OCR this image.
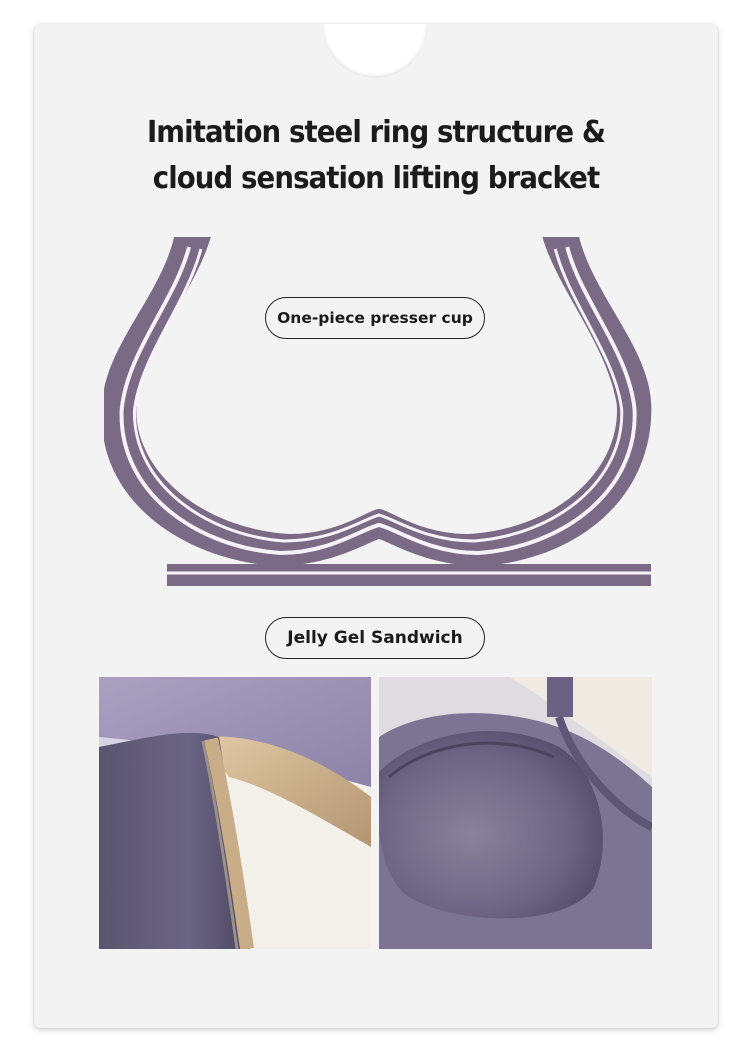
Imitation steel ring structure &
cloud sensation lifting bracket
One-piece presser cup
Jelly Gel Sandwich
